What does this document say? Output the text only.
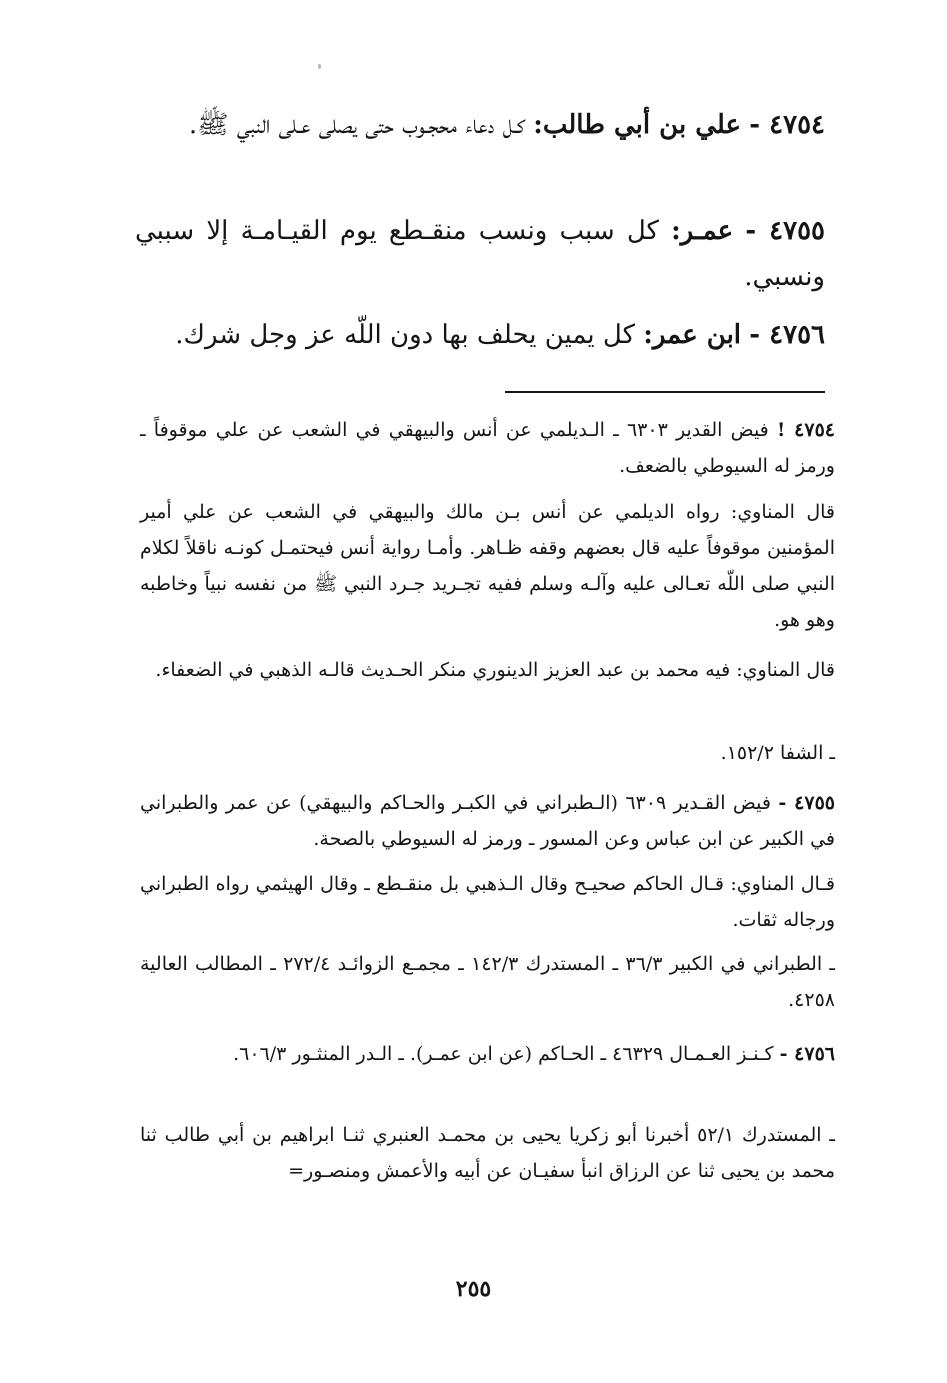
٤٧٥٤ - علي بن أبي طالب: كـل دعاء محجـوب حتى يصلى عـلى النبي ﷺ.
٤٧٥٥ - عمـر: كل سبب ونسب منقـطع يوم القيـامـة إلا سببي ونسبي.
٤٧٥٦ - ابن عمر: كل يمين يحلف بها دون اللّه عز وجل شرك.
٤٧٥٤ ! فيض القدير ٦٣٠٣ ـ الـديلمي عن أنس والبيهقي في الشعب عن علي موقوفاً ـ ورمز له السيوطي بالضعف.
قال المناوي: رواه الديلمي عن أنس بـن مالك والبيهقي في الشعب عن علي أمير المؤمنين موقوفاً عليه قال بعضهم وقفه ظـاهر. وأمـا رواية أنس فيحتمـل كونـه ناقلاً لكلام النبي صلى اللّه تعـالى عليه وآلـه وسلم ففيه تجـريد جـرد النبي ﷺ من نفسه نبياً وخاطبه وهو هو.
قال المناوي: فيه محمد بن عبد العزيز الدينوري منكر الحـديث قالـه الذهبي في الضعفاء.
ـ الشفا ١٥٢/٢.
٤٧٥٥ - فيض القـدير ٦٣٠٩ (الـطبراني في الكبـر والحـاكم والبيهقي) عن عمر والطبراني في الكبير عن ابن عباس وعن المسور ـ ورمز له السيوطي بالصحة.
قـال المناوي: قـال الحاكم صحيـح وقال الـذهبي بل منقـطع ـ وقال الهيثمي رواه الطبراني ورجاله ثقات.
ـ الطبراني في الكبير ٣٦/٣ ـ المستدرك ١٤٢/٣ ـ مجمـع الزوائـد ٢٧٢/٤ ـ المطالب العالية ٤٢٥٨.
٤٧٥٦ - كـنـز العـمـال ٤٦٣٢٩ ـ الحـاكم (عن ابن عمـر). ـ الـدر المنثـور ٦٠٦/٣.
ـ المستدرك ٥٢/١ أخبرنا أبو زكريا يحيى بن محمـد العنبري ثنـا ابراهيم بن أبي طالب ثنا محمد بن يحيى ثنا عن الرزاق انبأ سفيـان عن أبيه والأعمش ومنصـور=
٢٥٥
